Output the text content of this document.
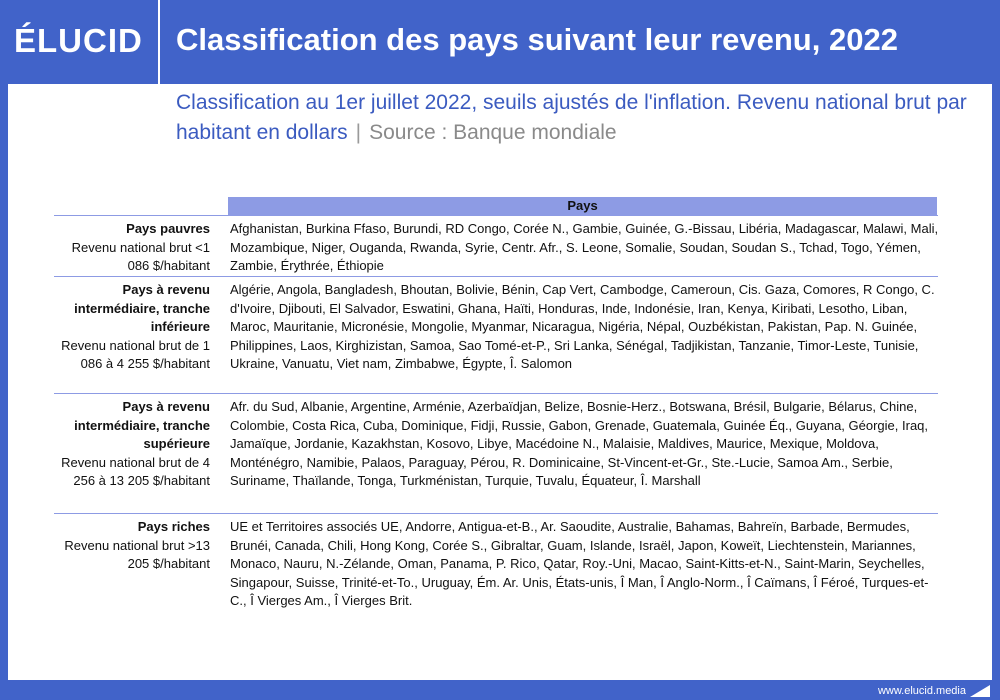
ÉLUCID Classification des pays suivant leur revenu, 2022
Classification au 1er juillet 2022, seuils ajustés de l'inflation. Revenu national brut par habitant en dollars | Source : Banque mondiale
Pays
Pays pauvres
Revenu national brut <1 086 $/habitant
Afghanistan, Burkina Ffaso, Burundi, RD Congo, Corée N., Gambie, Guinée, G.-Bissau, Libéria, Madagascar, Malawi, Mali, Mozambique, Niger, Ouganda, Rwanda, Syrie, Centr. Afr., S. Leone, Somalie, Soudan, Soudan S., Tchad, Togo, Yémen, Zambie, Érythrée, Éthiopie
Pays à revenu intermédiaire, tranche inférieure
Revenu national brut de 1 086 à 4 255 $/habitant
Algérie, Angola, Bangladesh, Bhoutan, Bolivie, Bénin, Cap Vert, Cambodge, Cameroun, Cis. Gaza, Comores, R Congo, C. d'Ivoire, Djibouti, El Salvador, Eswatini, Ghana, Haïti, Honduras, Inde, Indonésie, Iran, Kenya, Kiribati, Lesotho, Liban, Maroc, Mauritanie, Micronésie, Mongolie, Myanmar, Nicaragua, Nigéria, Népal, Ouzbékistan, Pakistan, Pap. N. Guinée, Philippines, Laos, Kirghizistan, Samoa, Sao Tomé-et-P., Sri Lanka, Sénégal, Tadjikistan, Tanzanie, Timor-Leste, Tunisie, Ukraine, Vanuatu, Viet nam, Zimbabwe, Égypte, Î. Salomon
Pays à revenu intermédiaire, tranche supérieure
Revenu national brut de 4 256 à 13 205 $/habitant
Afr. du Sud, Albanie, Argentine, Arménie, Azerbaïdjan, Belize, Bosnie-Herz., Botswana, Brésil, Bulgarie, Bélarus, Chine, Colombie, Costa Rica, Cuba, Dominique, Fidji, Russie, Gabon, Grenade, Guatemala, Guinée Éq., Guyana, Géorgie, Iraq, Jamaïque, Jordanie, Kazakhstan, Kosovo, Libye, Macédoine N., Malaisie, Maldives, Maurice, Mexique, Moldova, Monténégro, Namibie, Palaos, Paraguay, Pérou, R. Dominicaine, St-Vincent-et-Gr., Ste.-Lucie, Samoa Am., Serbie, Suriname, Thaïlande, Tonga, Turkménistan, Turquie, Tuvalu, Équateur, Î. Marshall
Pays riches
Revenu national brut >13 205 $/habitant
UE et Territoires associés UE, Andorre, Antigua-et-B., Ar. Saoudite, Australie, Bahamas, Bahreïn, Barbade, Bermudes, Brunéi, Canada, Chili, Hong Kong, Corée S., Gibraltar, Guam, Islande, Israël, Japon, Koweït, Liechtenstein, Mariannes, Monaco, Nauru, N.-Zélande, Oman, Panama, P. Rico, Qatar, Roy.-Uni, Macao, Saint-Kitts-et-N., Saint-Marin, Seychelles, Singapour, Suisse, Trinité-et-To., Uruguay, Ém. Ar. Unis, États-unis, Î Man, Î Anglo-Norm., Î Caïmans, Î Féroé, Turques-et-C., Î Vierges Am., Î Vierges Brit.
www.elucid.media
